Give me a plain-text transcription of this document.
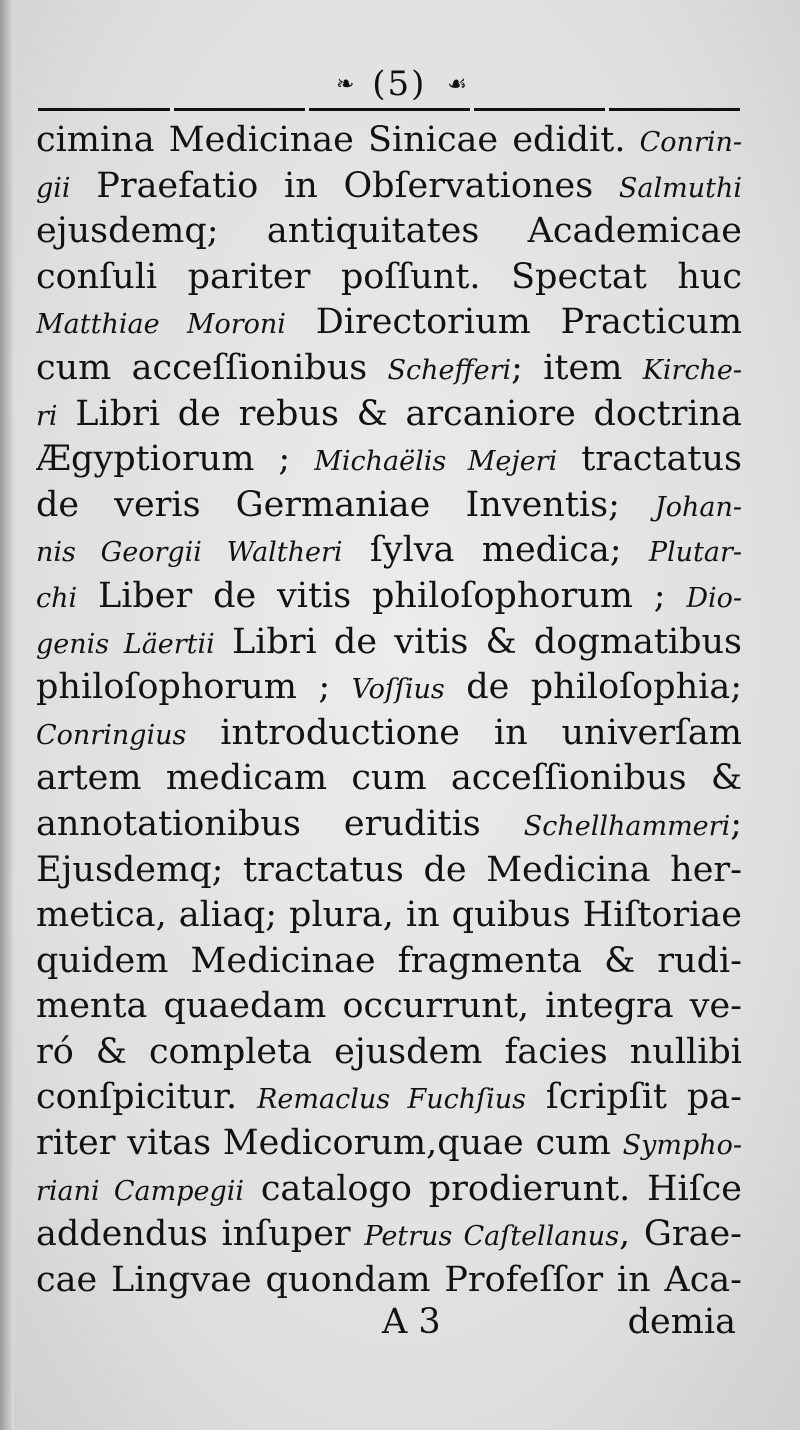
❧ (5) ☙
cimina Medicinae Sinicae edidit. Conrin-
gii Praefatio in Obſervationes Salmuthi
ejusdemq; antiquitates Academicae
conſuli pariter poſſunt. Spectat huc
Matthiae Moroni Directorium Practicum
cum acceſſionibus Schefferi; item Kirche-
ri Libri de rebus & arcaniore doctrina
Ægyptiorum ; Michaëlis Mejeri tractatus
de veris Germaniae Inventis; Johan-
nis Georgii Waltheri ſylva medica; Plutar-
chi Liber de vitis philoſophorum ; Dio-
genis Läertii Libri de vitis & dogmatibus
philoſophorum ; Voſſius de philoſophia;
Conringius introductione in univerſam
artem medicam cum acceſſionibus &
annotationibus eruditis Schellhammeri;
Ejusdemq; tractatus de Medicina her-
metica, aliaq; plura, in quibus Hiſtoriae
quidem Medicinae fragmenta & rudi-
menta quaedam occurrunt, integra ve-
ró & completa ejusdem facies nullibi
conſpicitur. Remaclus Fuchſius ſcripſit pa-
riter vitas Medicorum,quae cum Sympho-
riani Campegii catalogo prodierunt. Hiſce
addendus inſuper Petrus Caſtellanus, Grae-
cae Lingvae quondam Profeſſor in Aca-
A 3	demia
